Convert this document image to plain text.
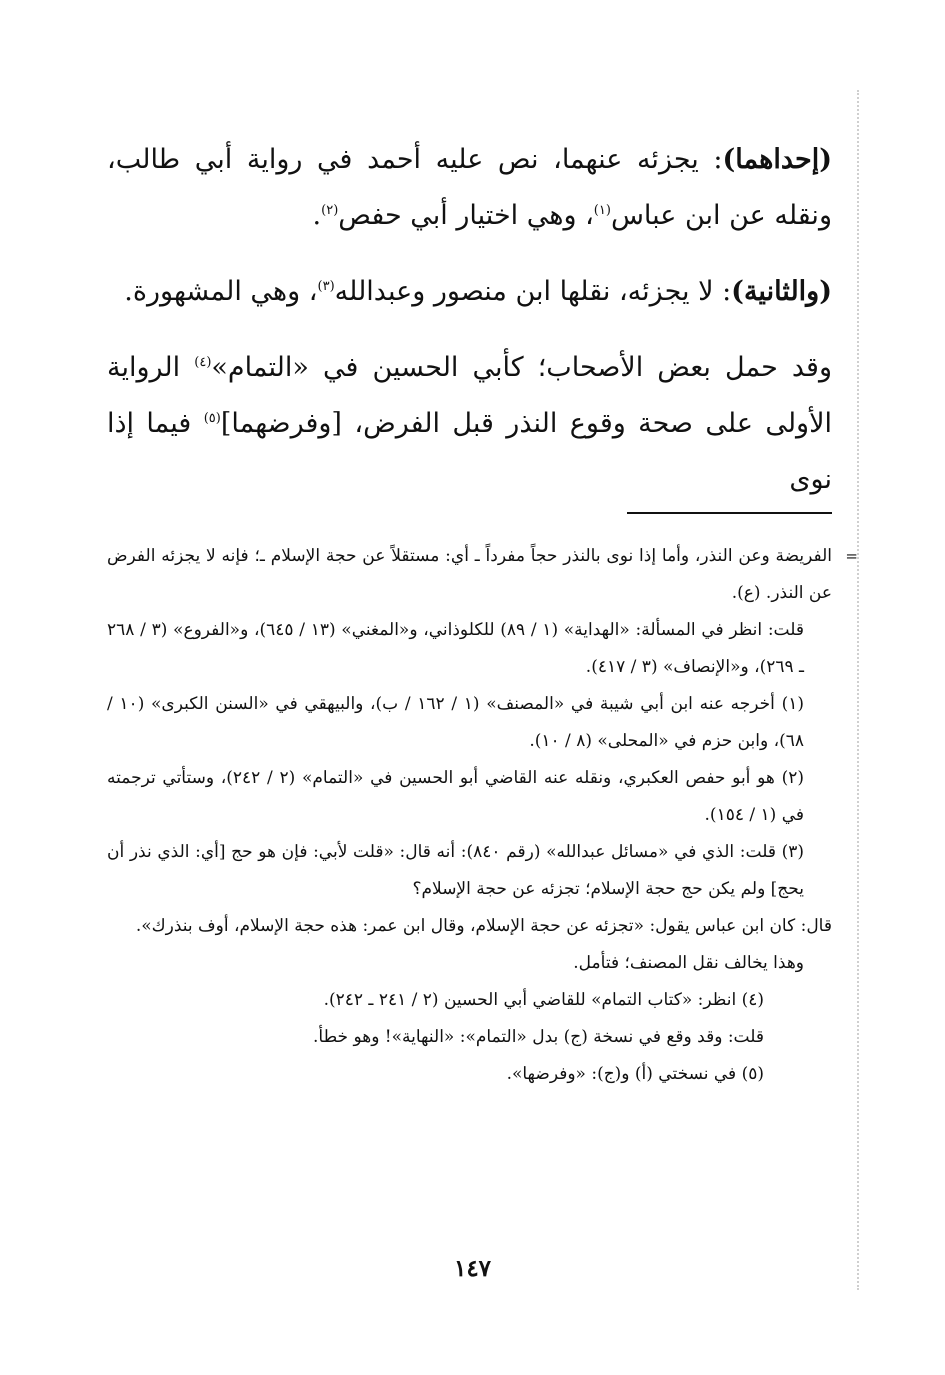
(إحداهما): يجزئه عنهما، نص عليه أحمد في رواية أبي طالب، ونقله عن ابن عباس$^{(١)}$، وهي اختيار أبي حفص$^{(٢)}$.

(والثانية): لا يجزئه، نقلها ابن منصور وعبدالله$^{(٣)}$، وهي المشهورة.

وقد حمل بعض الأصحاب؛ كأبي الحسين في «التمام»$^{(٤)}$ الرواية الأولى على صحة وقوع النذر قبل الفرض، [وفرضهما]$^{(٥)}$ فيما إذا نوى

=
الفريضة وعن النذر، وأما إذا نوى بالنذر حجاً مفرداً ـ أي: مستقلاً عن حجة الإسلام ـ؛ فإنه لا يجزئه الفرض عن النذر. (ع).

قلت: انظر في المسألة: «الهداية» (١ / ٨٩) للكلوذاني، و«المغني» (١٣ / ٦٤٥)، و«الفروع» (٣ / ٢٦٨ ـ ٢٦٩)، و«الإنصاف» (٣ / ٤١٧).

(١) أخرجه عنه ابن أبي شيبة في «المصنف» (١ / ١٦٢ / ب)، والبيهقي في «السنن الكبرى» (١٠ / ٦٨)، وابن حزم في «المحلى» (٨ / ١٠).

(٢) هو أبو حفص العكبري، ونقله عنه القاضي أبو الحسين في «التمام» (٢ / ٢٤٢)، وستأتي ترجمته في (١ / ١٥٤).

(٣) قلت: الذي في «مسائل عبدالله» (رقم ٨٤٠): أنه قال: «قلت لأبي: فإن هو حج [أي: الذي نذر أن يحج] ولم يكن حج حجة الإسلام؛ تجزئه عن حجة الإسلام؟

قال: كان ابن عباس يقول: «تجزئه عن حجة الإسلام، وقال ابن عمر: هذه حجة الإسلام، أوف بنذرك».

وهذا يخالف نقل المصنف؛ فتأمل.

(٤) انظر: «كتاب التمام» للقاضي أبي الحسين (٢ / ٢٤١ ـ ٢٤٢).

قلت: وقد وقع في نسخة (ج) بدل «التمام»: «النهاية»! وهو خطأ.

(٥) في نسختي (أ) و(ج): «وفرضها».

١٤٧
